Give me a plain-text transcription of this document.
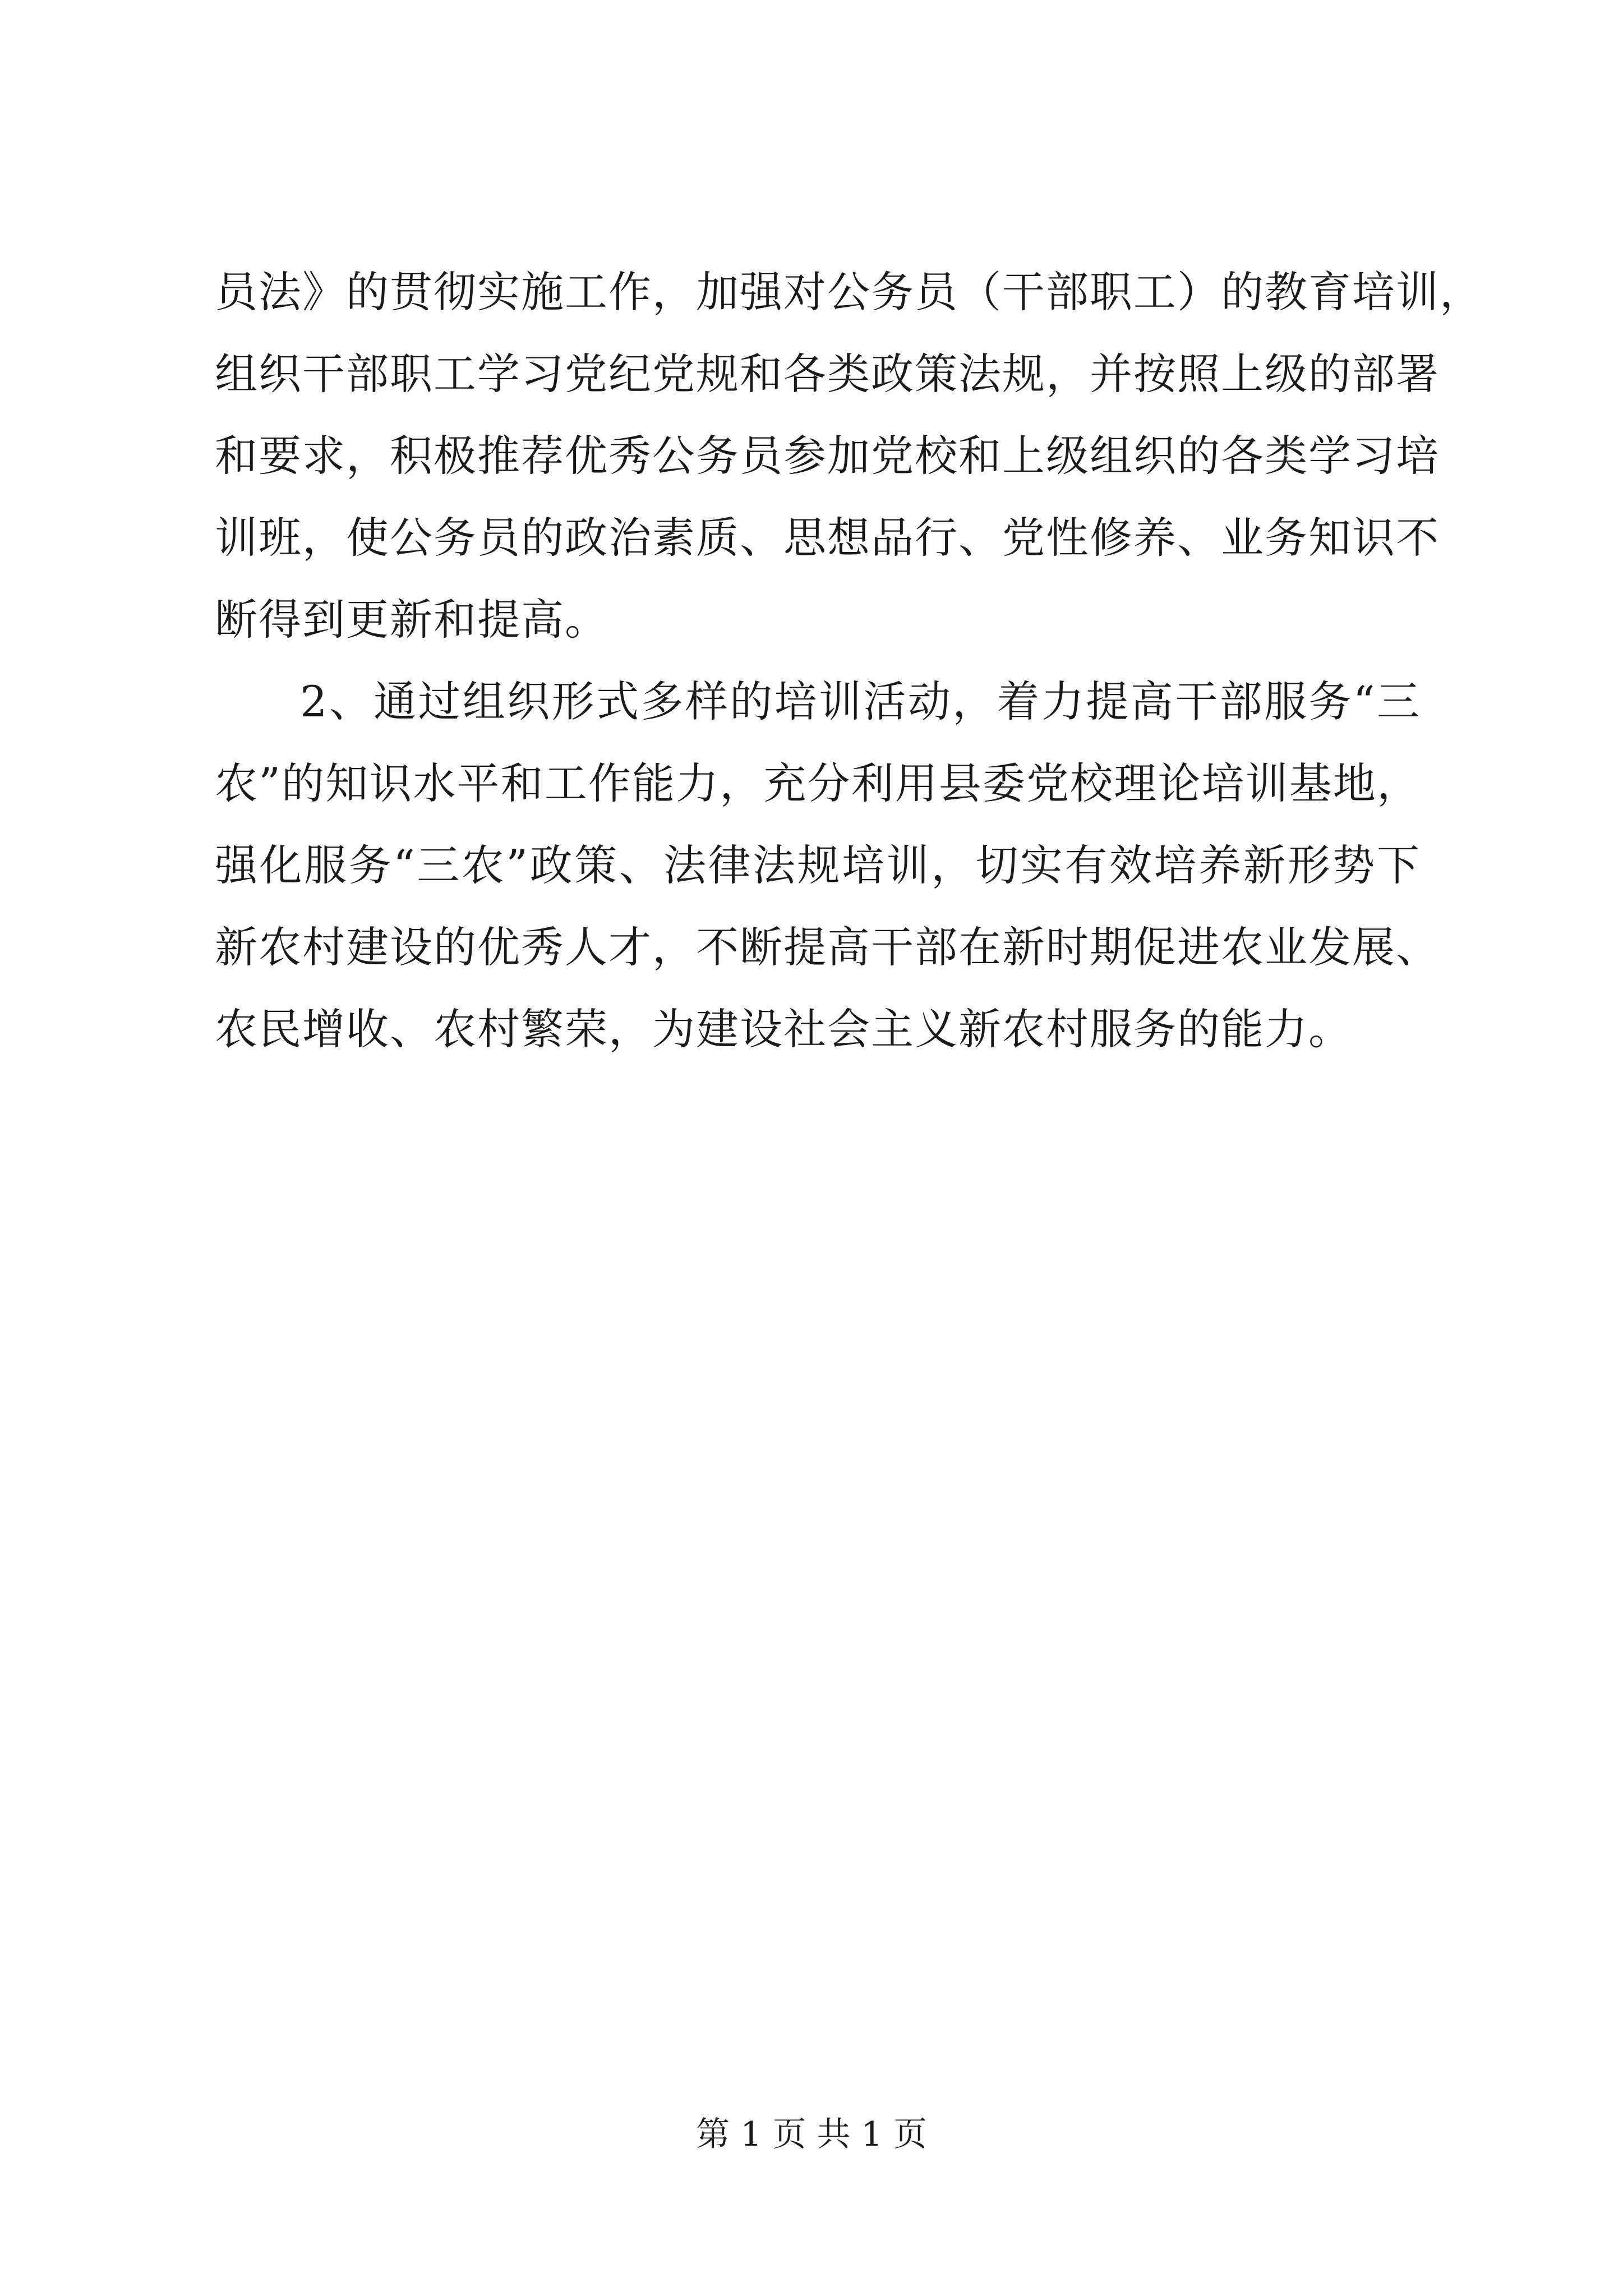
员法》的贯彻实施工作，加强对公务员（干部职工）的教育培训，
组织干部职工学习党纪党规和各类政策法规，并按照上级的部署
和要求，积极推荐优秀公务员参加党校和上级组织的各类学习培
训班，使公务员的政治素质、思想品行、党性修养、业务知识不
断得到更新和提高。
2、通过组织形式多样的培训活动，着力提高干部服务“三
农”的知识水平和工作能力，充分利用县委党校理论培训基地，
强化服务“三农”政策、法律法规培训，切实有效培养新形势下
新农村建设的优秀人才，不断提高干部在新时期促进农业发展、
农民增收、农村繁荣，为建设社会主义新农村服务的能力。
第 1 页 共 1 页
